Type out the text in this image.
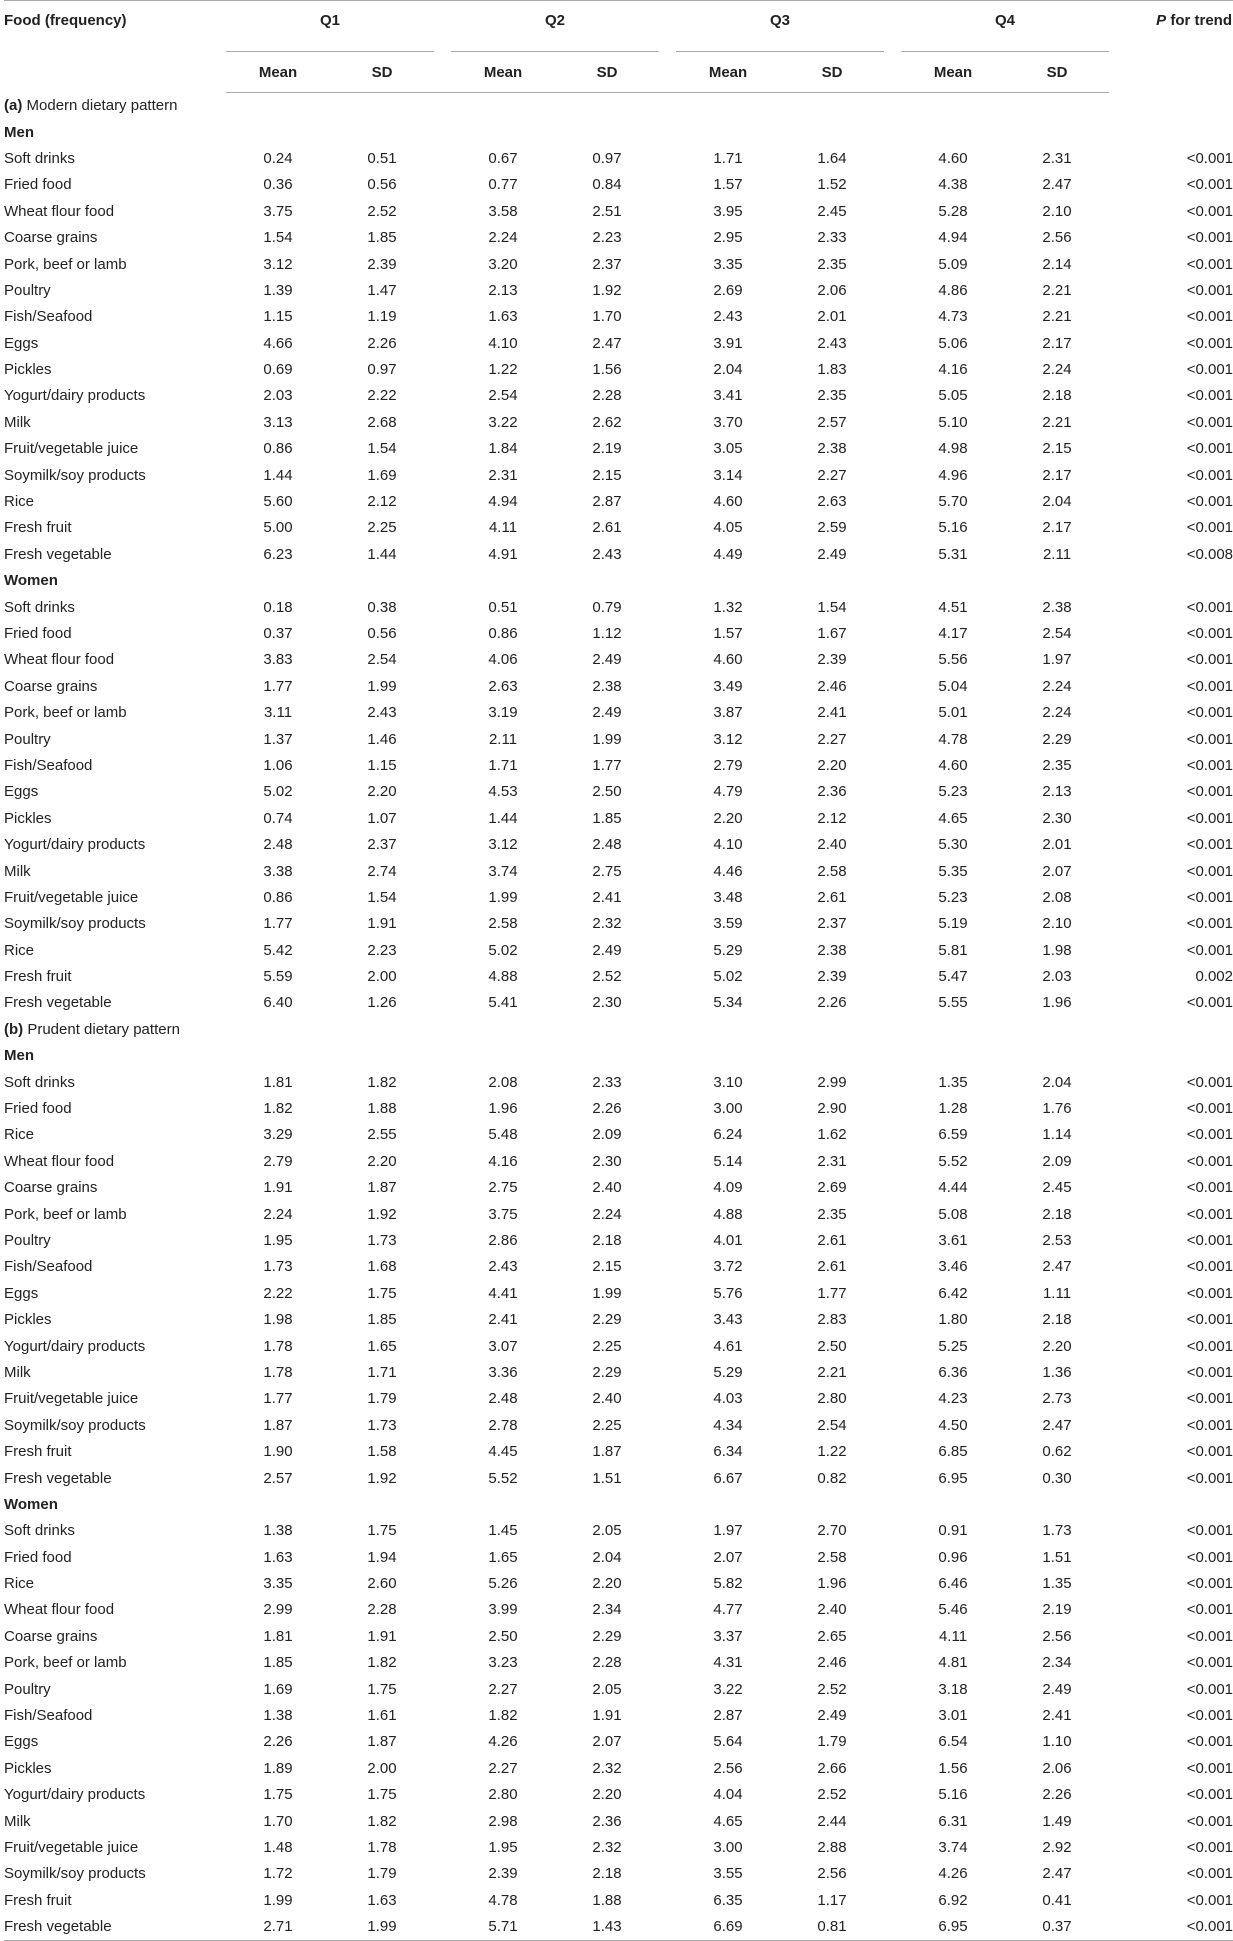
Food (frequency)	Q1			Q2			Q3			Q4		P for trend
	Mean	SD		Mean	SD		Mean	SD		Mean	SD	
(a) Modern dietary pattern												
Men												
Soft drinks	0.24	0.51		0.67	0.97		1.71	1.64		4.60	2.31	<0.001
Fried food	0.36	0.56		0.77	0.84		1.57	1.52		4.38	2.47	<0.001
Wheat flour food	3.75	2.52		3.58	2.51		3.95	2.45		5.28	2.10	<0.001
Coarse grains	1.54	1.85		2.24	2.23		2.95	2.33		4.94	2.56	<0.001
Pork, beef or lamb	3.12	2.39		3.20	2.37		3.35	2.35		5.09	2.14	<0.001
Poultry	1.39	1.47		2.13	1.92		2.69	2.06		4.86	2.21	<0.001
Fish/Seafood	1.15	1.19		1.63	1.70		2.43	2.01		4.73	2.21	<0.001
Eggs	4.66	2.26		4.10	2.47		3.91	2.43		5.06	2.17	<0.001
Pickles	0.69	0.97		1.22	1.56		2.04	1.83		4.16	2.24	<0.001
Yogurt/dairy products	2.03	2.22		2.54	2.28		3.41	2.35		5.05	2.18	<0.001
Milk	3.13	2.68		3.22	2.62		3.70	2.57		5.10	2.21	<0.001
Fruit/vegetable juice	0.86	1.54		1.84	2.19		3.05	2.38		4.98	2.15	<0.001
Soymilk/soy products	1.44	1.69		2.31	2.15		3.14	2.27		4.96	2.17	<0.001
Rice	5.60	2.12		4.94	2.87		4.60	2.63		5.70	2.04	<0.001
Fresh fruit	5.00	2.25		4.11	2.61		4.05	2.59		5.16	2.17	<0.001
Fresh vegetable	6.23	1.44		4.91	2.43		4.49	2.49		5.31	2.11	<0.008
Women												
Soft drinks	0.18	0.38		0.51	0.79		1.32	1.54		4.51	2.38	<0.001
Fried food	0.37	0.56		0.86	1.12		1.57	1.67		4.17	2.54	<0.001
Wheat flour food	3.83	2.54		4.06	2.49		4.60	2.39		5.56	1.97	<0.001
Coarse grains	1.77	1.99		2.63	2.38		3.49	2.46		5.04	2.24	<0.001
Pork, beef or lamb	3.11	2.43		3.19	2.49		3.87	2.41		5.01	2.24	<0.001
Poultry	1.37	1.46		2.11	1.99		3.12	2.27		4.78	2.29	<0.001
Fish/Seafood	1.06	1.15		1.71	1.77		2.79	2.20		4.60	2.35	<0.001
Eggs	5.02	2.20		4.53	2.50		4.79	2.36		5.23	2.13	<0.001
Pickles	0.74	1.07		1.44	1.85		2.20	2.12		4.65	2.30	<0.001
Yogurt/dairy products	2.48	2.37		3.12	2.48		4.10	2.40		5.30	2.01	<0.001
Milk	3.38	2.74		3.74	2.75		4.46	2.58		5.35	2.07	<0.001
Fruit/vegetable juice	0.86	1.54		1.99	2.41		3.48	2.61		5.23	2.08	<0.001
Soymilk/soy products	1.77	1.91		2.58	2.32		3.59	2.37		5.19	2.10	<0.001
Rice	5.42	2.23		5.02	2.49		5.29	2.38		5.81	1.98	<0.001
Fresh fruit	5.59	2.00		4.88	2.52		5.02	2.39		5.47	2.03	0.002
Fresh vegetable	6.40	1.26		5.41	2.30		5.34	2.26		5.55	1.96	<0.001
(b) Prudent dietary pattern												
Men												
Soft drinks	1.81	1.82		2.08	2.33		3.10	2.99		1.35	2.04	<0.001
Fried food	1.82	1.88		1.96	2.26		3.00	2.90		1.28	1.76	<0.001
Rice	3.29	2.55		5.48	2.09		6.24	1.62		6.59	1.14	<0.001
Wheat flour food	2.79	2.20		4.16	2.30		5.14	2.31		5.52	2.09	<0.001
Coarse grains	1.91	1.87		2.75	2.40		4.09	2.69		4.44	2.45	<0.001
Pork, beef or lamb	2.24	1.92		3.75	2.24		4.88	2.35		5.08	2.18	<0.001
Poultry	1.95	1.73		2.86	2.18		4.01	2.61		3.61	2.53	<0.001
Fish/Seafood	1.73	1.68		2.43	2.15		3.72	2.61		3.46	2.47	<0.001
Eggs	2.22	1.75		4.41	1.99		5.76	1.77		6.42	1.11	<0.001
Pickles	1.98	1.85		2.41	2.29		3.43	2.83		1.80	2.18	<0.001
Yogurt/dairy products	1.78	1.65		3.07	2.25		4.61	2.50		5.25	2.20	<0.001
Milk	1.78	1.71		3.36	2.29		5.29	2.21		6.36	1.36	<0.001
Fruit/vegetable juice	1.77	1.79		2.48	2.40		4.03	2.80		4.23	2.73	<0.001
Soymilk/soy products	1.87	1.73		2.78	2.25		4.34	2.54		4.50	2.47	<0.001
Fresh fruit	1.90	1.58		4.45	1.87		6.34	1.22		6.85	0.62	<0.001
Fresh vegetable	2.57	1.92		5.52	1.51		6.67	0.82		6.95	0.30	<0.001
Women												
Soft drinks	1.38	1.75		1.45	2.05		1.97	2.70		0.91	1.73	<0.001
Fried food	1.63	1.94		1.65	2.04		2.07	2.58		0.96	1.51	<0.001
Rice	3.35	2.60		5.26	2.20		5.82	1.96		6.46	1.35	<0.001
Wheat flour food	2.99	2.28		3.99	2.34		4.77	2.40		5.46	2.19	<0.001
Coarse grains	1.81	1.91		2.50	2.29		3.37	2.65		4.11	2.56	<0.001
Pork, beef or lamb	1.85	1.82		3.23	2.28		4.31	2.46		4.81	2.34	<0.001
Poultry	1.69	1.75		2.27	2.05		3.22	2.52		3.18	2.49	<0.001
Fish/Seafood	1.38	1.61		1.82	1.91		2.87	2.49		3.01	2.41	<0.001
Eggs	2.26	1.87		4.26	2.07		5.64	1.79		6.54	1.10	<0.001
Pickles	1.89	2.00		2.27	2.32		2.56	2.66		1.56	2.06	<0.001
Yogurt/dairy products	1.75	1.75		2.80	2.20		4.04	2.52		5.16	2.26	<0.001
Milk	1.70	1.82		2.98	2.36		4.65	2.44		6.31	1.49	<0.001
Fruit/vegetable juice	1.48	1.78		1.95	2.32		3.00	2.88		3.74	2.92	<0.001
Soymilk/soy products	1.72	1.79		2.39	2.18		3.55	2.56		4.26	2.47	<0.001
Fresh fruit	1.99	1.63		4.78	1.88		6.35	1.17		6.92	0.41	<0.001
Fresh vegetable	2.71	1.99		5.71	1.43		6.69	0.81		6.95	0.37	<0.001
